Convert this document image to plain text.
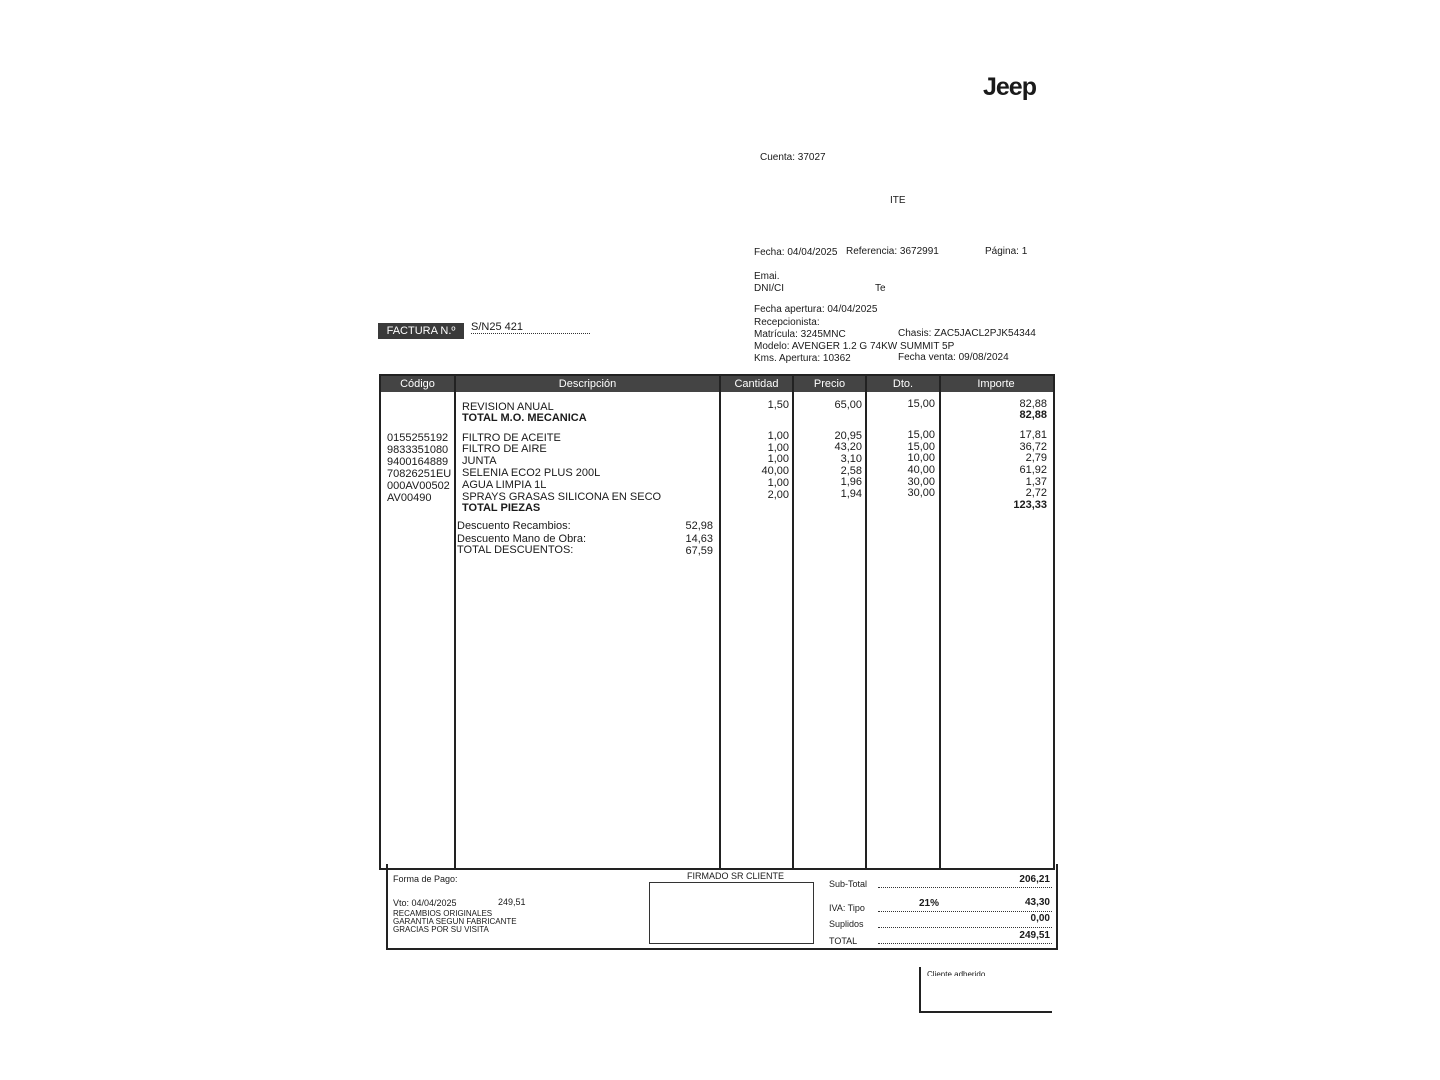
Jeep
Cuenta: 37027
ITE
Fecha: 04/04/2025 Referencia: 3672991	Página: 1
Emai.
DNI/CI	Te
Fecha apertura: 04/04/2025
Recepcionista:
Matrícula: 3245MNC	Chasis: ZAC5JACL2PJK54344
Modelo: AVENGER 1.2 G 74KW SUMMIT 5P
Kms. Apertura: 10362	Fecha venta: 09/08/2024
FACTURA N.º	S/N25 421
Código	Descripción	Cantidad	Precio	Dto.	Importe
REVISION ANUAL	1,50	65,00	15,00	82,88
TOTAL M.O. MECANICA	82,88
0155255192 FILTRO DE ACEITE	1,00	20,95	15,00	17,81
9833351080 FILTRO DE AIRE	1,00	43,20	15,00	36,72
9400164889 JUNTA	1,00	3,10	10,00	2,79
70826251EU SELENIA ECO2 PLUS 200L	40,00	2,58	40,00	61,92
000AV00502 AGUA LIMPIA 1L	1,00	1,96	30,00	1,37
AV00490	SPRAYS GRASAS SILICONA EN SECO	2,00	1,94	30,00	2,72
TOTAL PIEZAS	123,33
Descuento Recambios:	52,98
Descuento Mano de Obra:	14,63
TOTAL DESCUENTOS:	67,59
Forma de Pago:
Vto: 04/04/2025	249,51
RECAMBIOS ORIGINALES
GARANTIA SEGUN FABRICANTE
GRACIAS POR SU VISITA
FIRMADO SR CLIENTE
Sub-Total	206,21
IVA: Tipo	21%	43,30
Suplidos	0,00
TOTAL	249,51
Cliente adherido
